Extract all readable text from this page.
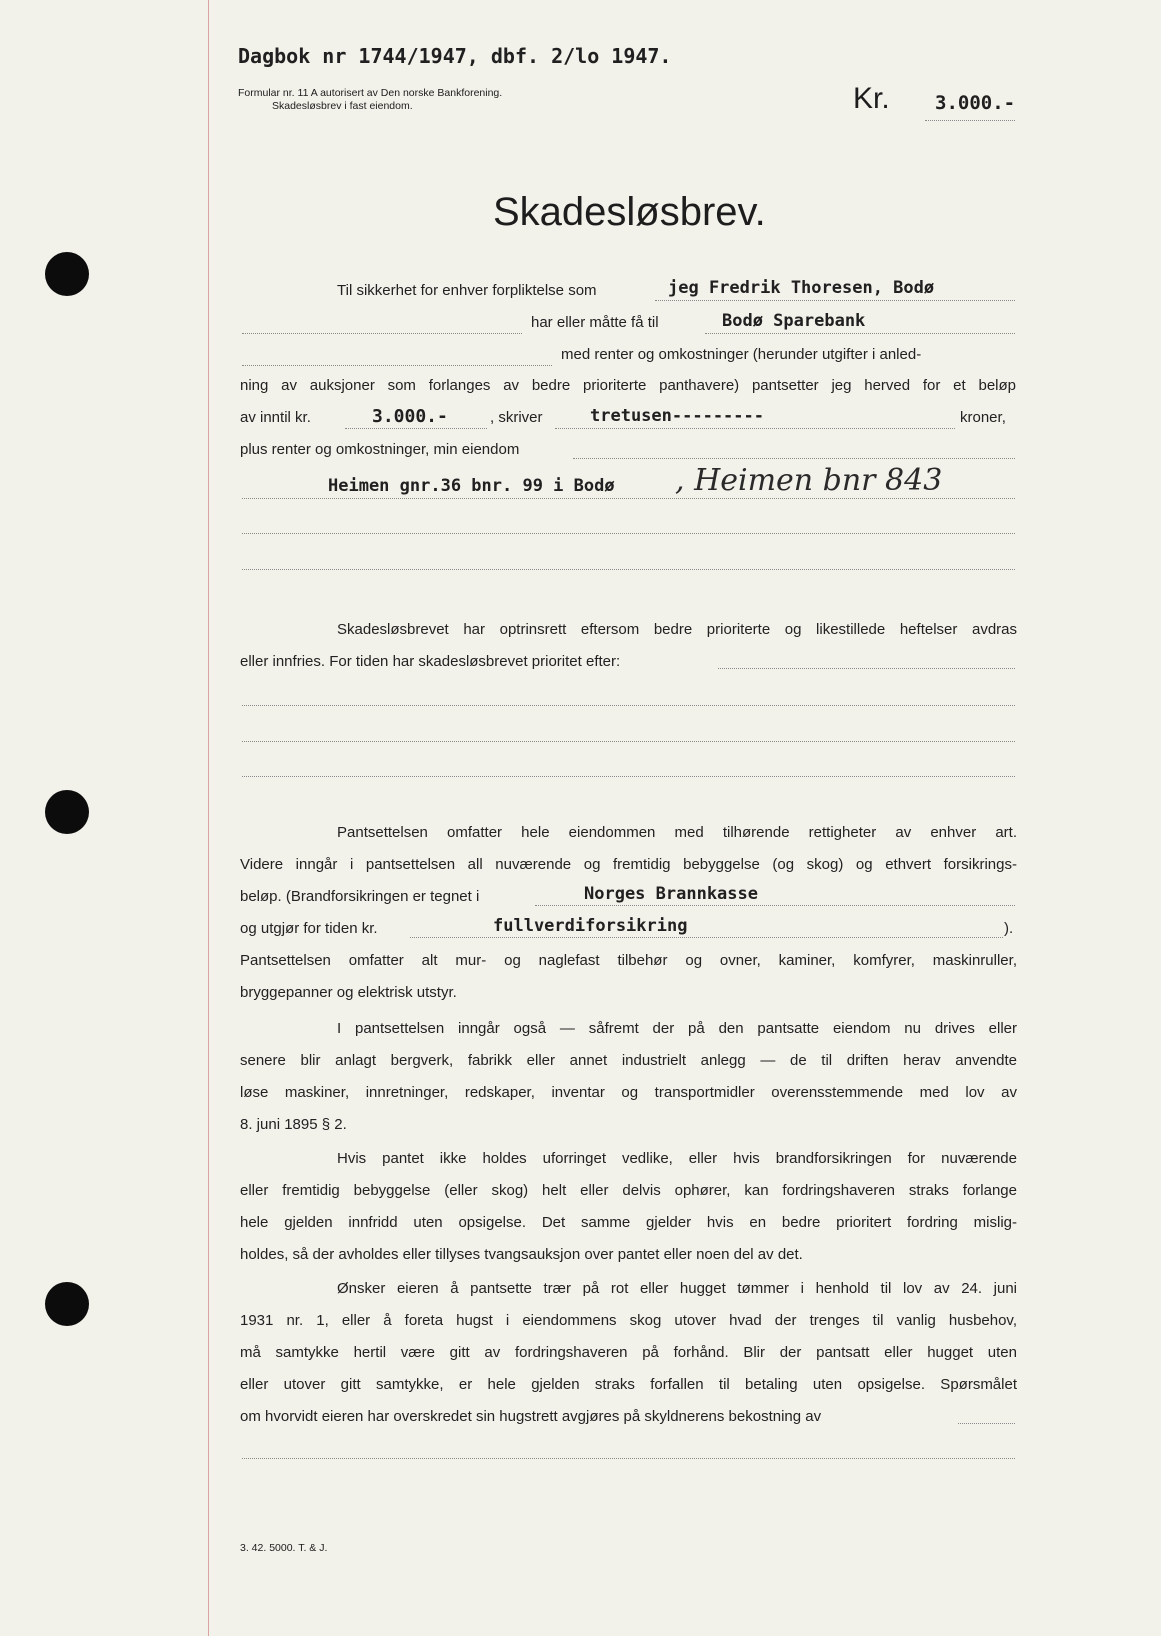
Dagbok nr 1744/1947, dbf. 2/lo 1947.
Formular nr. 11 A autorisert av Den norske Bankforening.
Skadesløsbrev i fast eiendom.	Kr. 3.000.-
Skadesløsbrev.
Til sikkerhet for enhver forpliktelse som	jeg Fredrik Thoresen, Bodø
har eller måtte få til	Bodø Sparebank
med renter og omkostninger (herunder utgifter i anled-
ning av auksjoner som forlanges av bedre prioriterte panthavere) pantsetter jeg herved for et beløp
av inntil kr.	3.000.-	, skriver	tretusen---------	kroner,
plus renter og omkostninger, min eiendom
Heimen gnr.36 bnr. 99 i Bodø , Heimen bnr 843
Skadesløsbrevet har optrinsrett eftersom bedre prioriterte og likestillede heftelser avdras
eller innfries. For tiden har skadesløsbrevet prioritet efter:
Pantsettelsen omfatter hele eiendommen med tilhørende rettigheter av enhver art.
Videre inngår i pantsettelsen all nuværende og fremtidig bebyggelse (og skog) og ethvert forsikrings-
beløp. (Brandforsikringen er tegnet i	Norges Brannkasse
og utgjør for tiden kr.	fullverdiforsikring	).
Pantsettelsen omfatter alt mur- og naglefast tilbehør og ovner, kaminer, komfyrer, maskinruller,
bryggepanner og elektrisk utstyr.
I pantsettelsen inngår også — såfremt der på den pantsatte eiendom nu drives eller
senere blir anlagt bergverk, fabrikk eller annet industrielt anlegg — de til driften herav anvendte
løse maskiner, innretninger, redskaper, inventar og transportmidler overensstemmende med lov av
8. juni 1895 § 2.
Hvis pantet ikke holdes uforringet vedlike, eller hvis brandforsikringen for nuværende
eller fremtidig bebyggelse (eller skog) helt eller delvis ophører, kan fordringshaveren straks forlange
hele gjelden innfridd uten opsigelse. Det samme gjelder hvis en bedre prioritert fordring mislig-
holdes, så der avholdes eller tillyses tvangsauksjon over pantet eller noen del av det.
Ønsker eieren å pantsette trær på rot eller hugget tømmer i henhold til lov av 24. juni
1931 nr. 1, eller å foreta hugst i eiendommens skog utover hvad der trenges til vanlig husbehov,
må samtykke hertil være gitt av fordringshaveren på forhånd. Blir der pantsatt eller hugget uten
eller utover gitt samtykke, er hele gjelden straks forfallen til betaling uten opsigelse. Spørsmålet
om hvorvidt eieren har overskredet sin hugstrett avgjøres på skyldnerens bekostning av
3. 42. 5000. T. & J.
